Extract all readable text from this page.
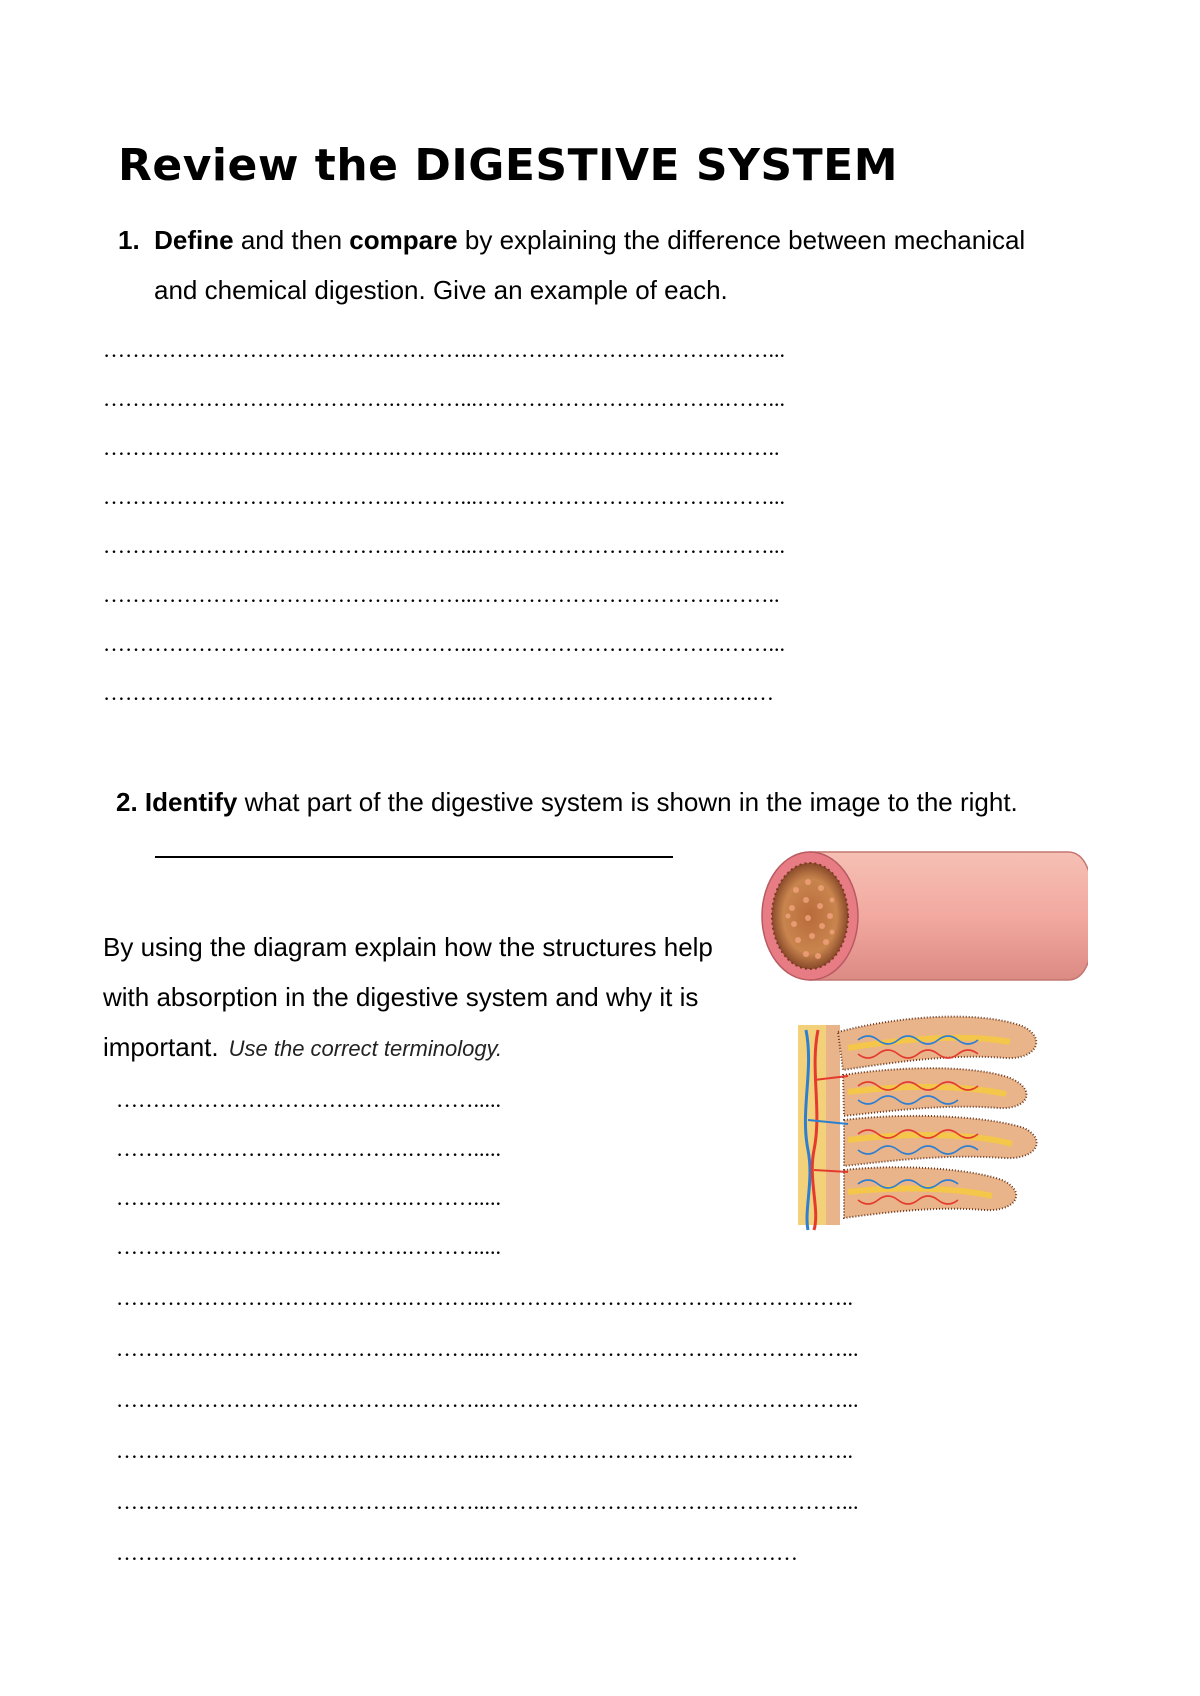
Review the DIGESTIVE SYSTEM
1. Define and then compare by explaining the difference between mechanical
and chemical digestion. Give an example of each.
………………………………….………...…………………………….……...
………………………………….………...…………………………….……...
………………………………….………...…………………………….……..
………………………………….………...…………………………….……...
………………………………….………...…………………………….……...
………………………………….………...…………………………….……..
………………………………….………...…………………………….……...
………………………………….………...…………………………….….…
2. Identify what part of the digestive system is shown in the image to the right.
By using the diagram explain how the structures help with absorption in the digestive system and why it is important. Use the correct terminology.
………………………………….……….....
………………………………….……….....
………………………………….……….....
………………………………….……….....
………………………………….………...…………………………………………..
………………………………….………...…………………………………………...
………………………………….………...…………………………………………...
………………………………….………...…………………………………………..
………………………………….………...…………………………………………...
………………………………….………...……………………………………
